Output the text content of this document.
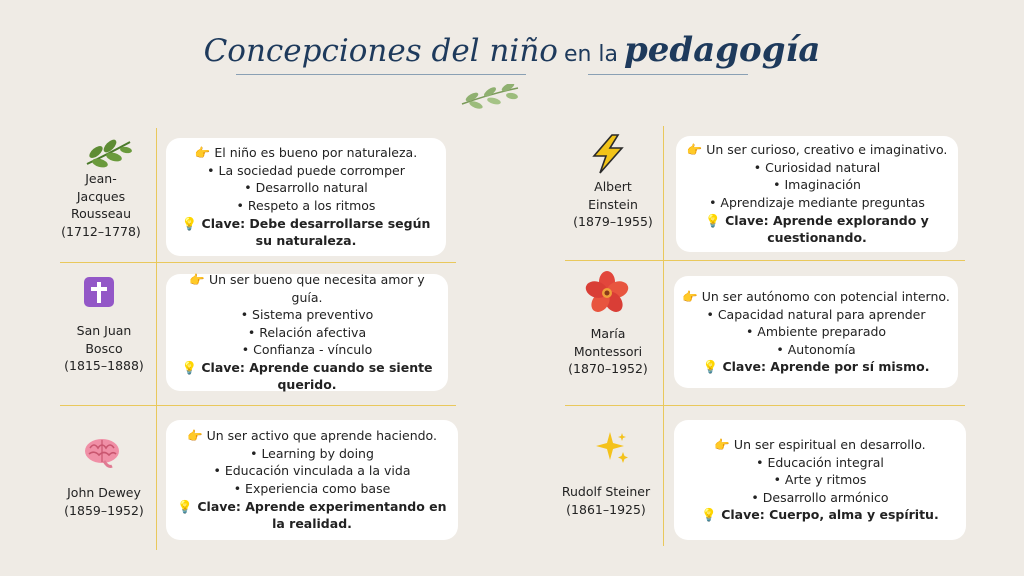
Concepciones del niño en la pedagogía
Jean-
Jacques
Rousseau
(1712–1778)
👉 El niño es bueno por naturaleza.
• La sociedad puede corromper
• Desarrollo natural
• Respeto a los ritmos
💡 Clave: Debe desarrollarse según su naturaleza.
Albert
Einstein
(1879–1955)
👉 Un ser curioso, creativo e imaginativo.
• Curiosidad natural
• Imaginación
• Aprendizaje mediante preguntas
💡 Clave: Aprende explorando y cuestionando.
San Juan
Bosco
(1815–1888)
👉 Un ser bueno que necesita amor y guía.
• Sistema preventivo
• Relación afectiva
• Confianza - vínculo
💡 Clave: Aprende cuando se siente querido.
María
Montessori
(1870–1952)
👉 Un ser autónomo con potencial interno.
• Capacidad natural para aprender
• Ambiente preparado
• Autonomía
💡 Clave: Aprende por sí mismo.
John Dewey
(1859–1952)
👉 Un ser activo que aprende haciendo.
• Learning by doing
• Educación vinculada a la vida
• Experiencia como base
💡 Clave: Aprende experimentando en la realidad.
Rudolf Steiner
(1861–1925)
👉 Un ser espiritual en desarrollo.
• Educación integral
• Arte y ritmos
• Desarrollo armónico
💡 Clave: Cuerpo, alma y espíritu.
